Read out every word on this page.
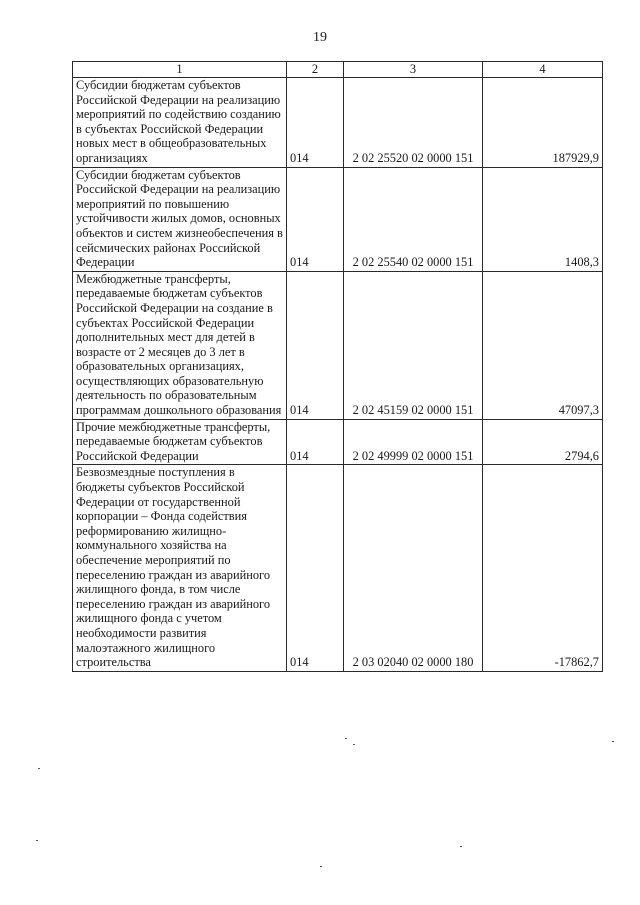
19
1	2	3	4
Субсидии бюджетам субъектов Российской Федерации на реализацию мероприятий по содействию созданию в субъектах Российской Федерации новых мест в общеобразовательных организациях	014	2 02 25520 02 0000 151	187929,9
Субсидии бюджетам субъектов Российской Федерации на реализацию мероприятий по повышению устойчивости жилых домов, основных объектов и систем жизнеобеспечения в сейсмических районах Российской Федерации	014	2 02 25540 02 0000 151	1408,3
Межбюджетные трансферты, передаваемые бюджетам субъектов Российской Федерации на создание в субъектах Российской Федерации дополнительных мест для детей в возрасте от 2 месяцев до 3 лет в образовательных организациях, осуществляющих образовательную деятельность по образовательным программам дошкольного образования	014	2 02 45159 02 0000 151	47097,3
Прочие межбюджетные трансферты, передаваемые бюджетам субъектов Российской Федерации	014	2 02 49999 02 0000 151	2794,6
Безвозмездные поступления в бюджеты субъектов Российской Федерации от государственной корпорации – Фонда содействия реформированию жилищно-коммунального хозяйства на обеспечение мероприятий по переселению граждан из аварийного жилищного фонда, в том числе переселению граждан из аварийного жилищного фонда с учетом необходимости развития малоэтажного жилищного строительства	014	2 03 02040 02 0000 180	-17862,7
